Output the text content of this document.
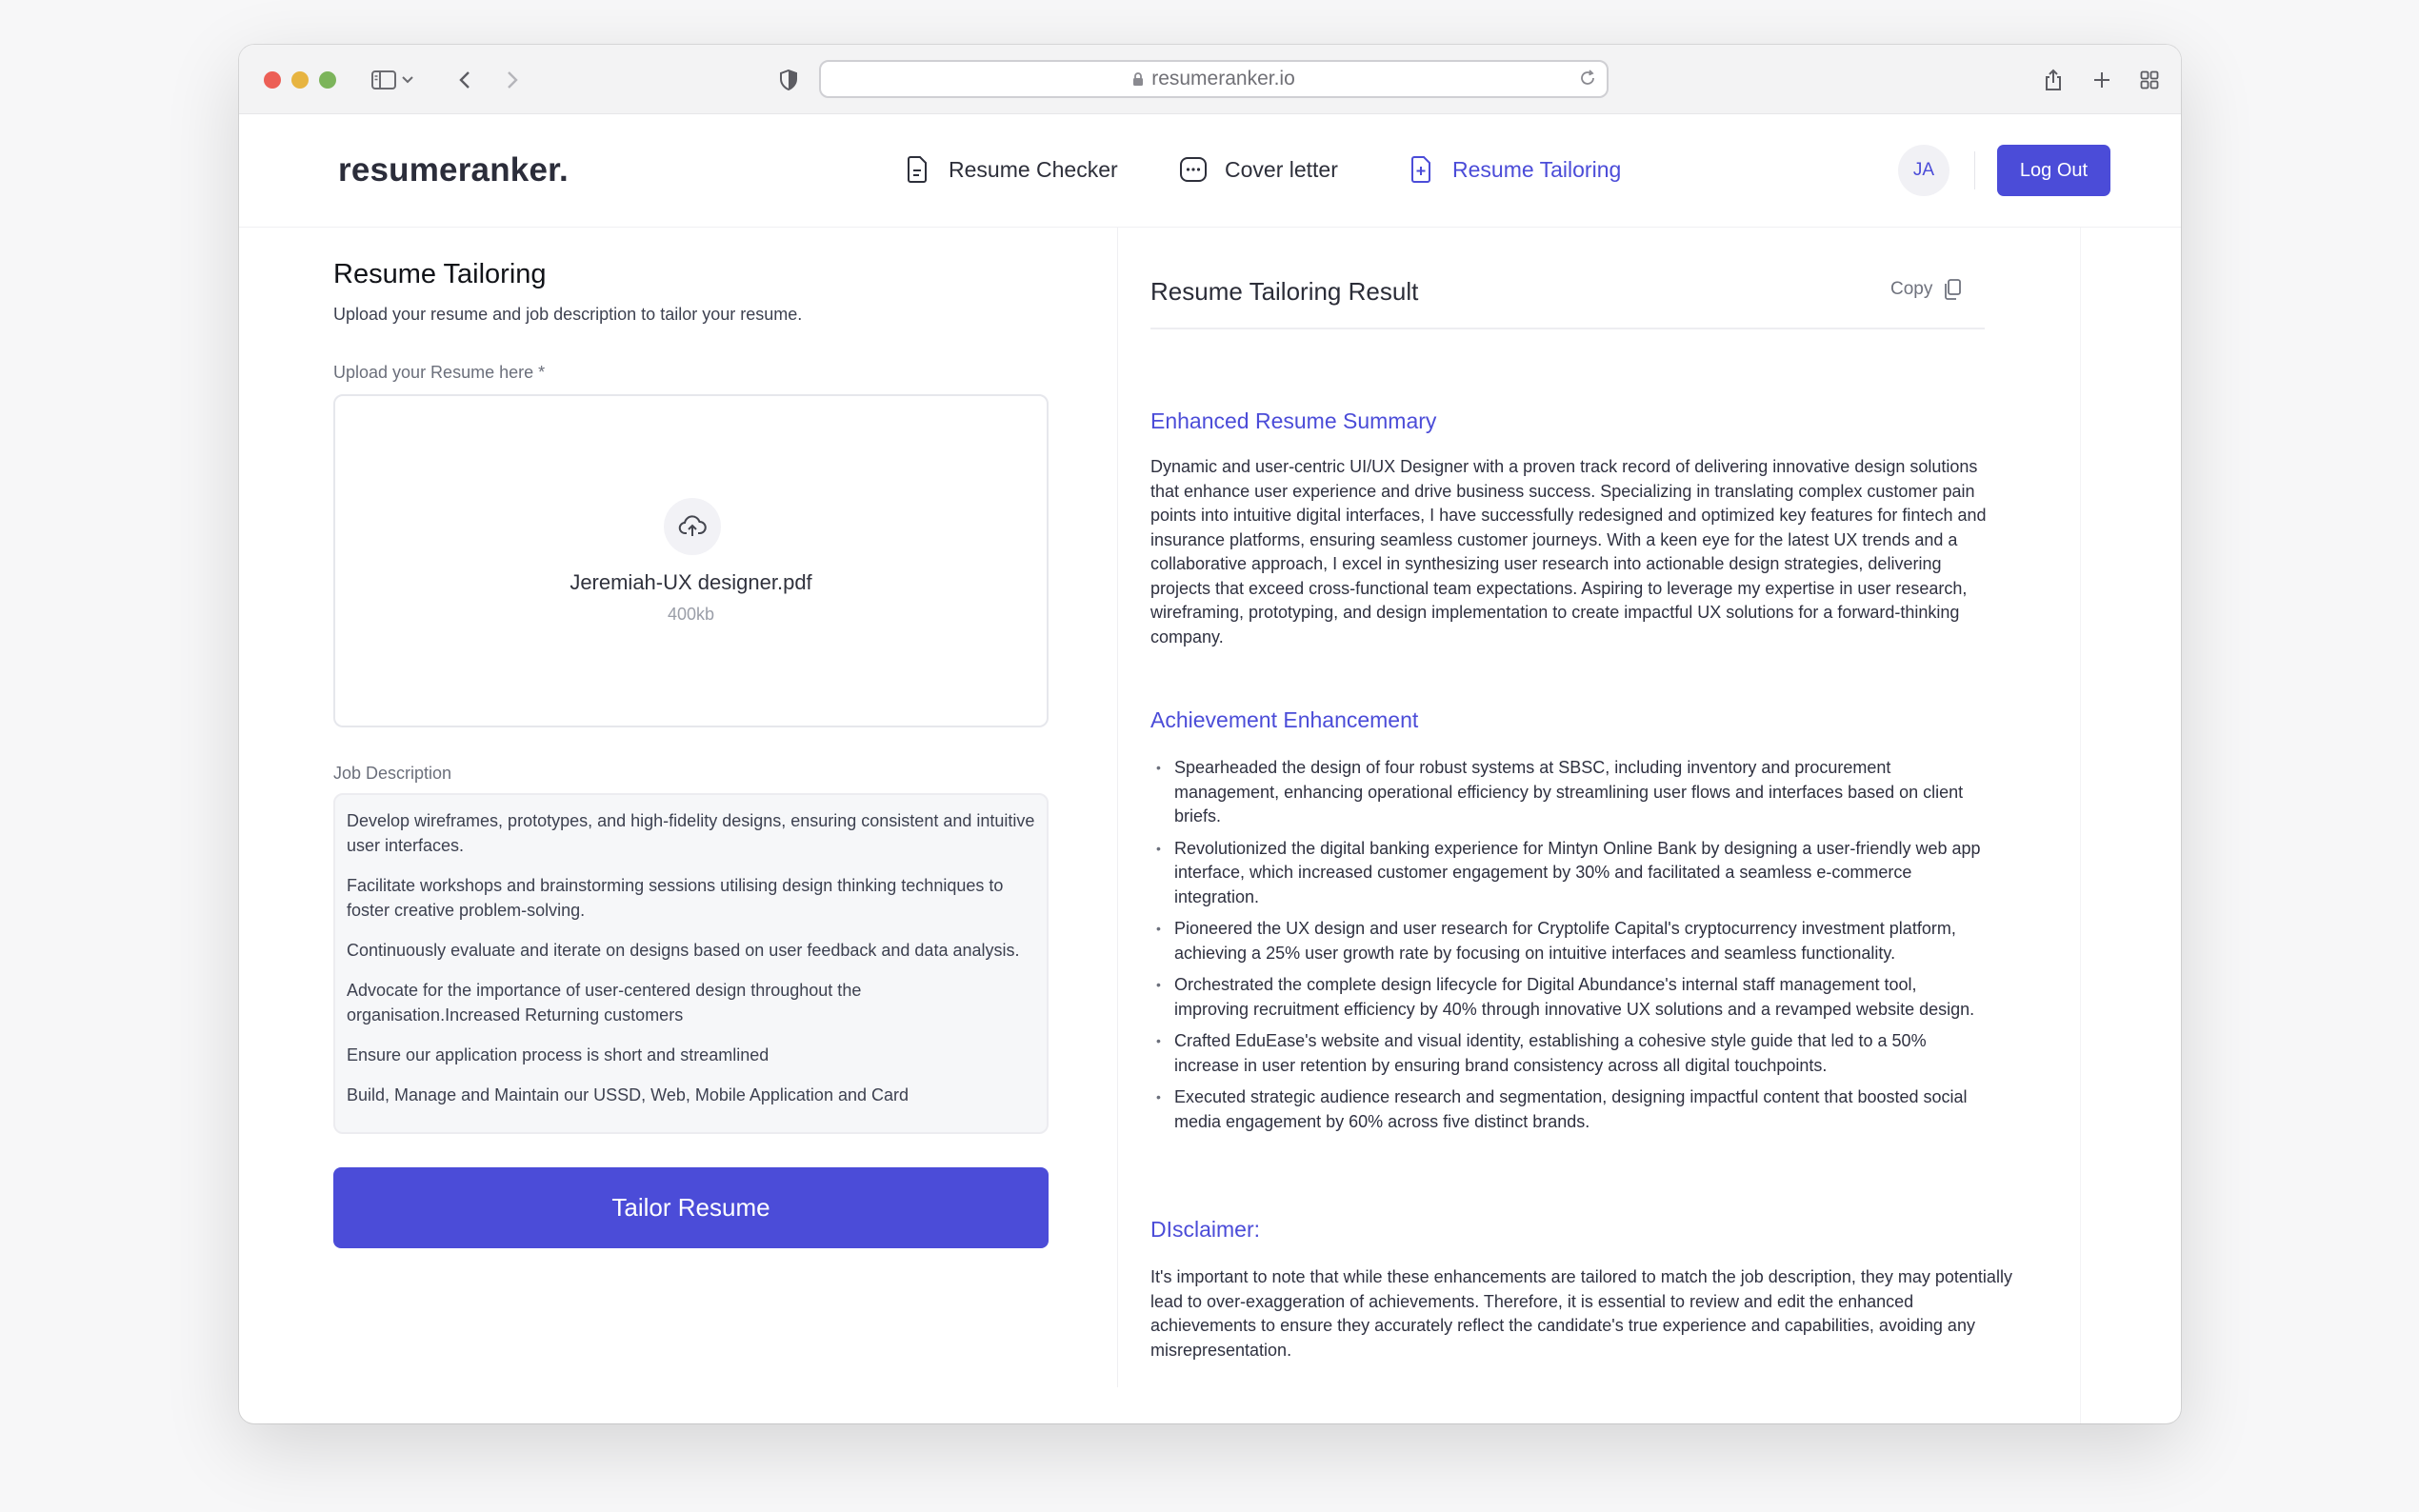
resumeranker.io
resumeranker.	Resume Checker	Cover letter	Resume Tailoring	JA	Log Out
Resume Tailoring
Upload your resume and job description to tailor your resume.
Upload your Resume here *
Jeremiah-UX designer.pdf
400kb
Job Description

Develop wireframes, prototypes, and high-fidelity designs, ensuring consistent and intuitive user interfaces.

Facilitate workshops and brainstorming sessions utilising design thinking techniques to foster creative problem-solving.

Continuously evaluate and iterate on designs based on user feedback and data analysis.

Advocate for the importance of user-centered design throughout the organisation.Increased Returning customers

Ensure our application process is short and streamlined

Build, Manage and Maintain our USSD, Web, Mobile Application and Card

Tailor Resume
Resume Tailoring Result	Copy
Enhanced Resume Summary
Dynamic and user-centric UI/UX Designer with a proven track record of delivering innovative design solutions that enhance user experience and drive business success. Specializing in translating complex customer pain points into intuitive digital interfaces, I have successfully redesigned and optimized key features for fintech and insurance platforms, ensuring seamless customer journeys. With a keen eye for the latest UX trends and a collaborative approach, I excel in synthesizing user research into actionable design strategies, delivering projects that exceed cross-functional team expectations. Aspiring to leverage my expertise in user research, wireframing, prototyping, and design implementation to create impactful UX solutions for a forward-thinking company.
Achievement Enhancement
• Spearheaded the design of four robust systems at SBSC, including inventory and procurement management, enhancing operational efficiency by streamlining user flows and interfaces based on client briefs.
• Revolutionized the digital banking experience for Mintyn Online Bank by designing a user-friendly web app interface, which increased customer engagement by 30% and facilitated a seamless e-commerce integration.
• Pioneered the UX design and user research for Cryptolife Capital's cryptocurrency investment platform, achieving a 25% user growth rate by focusing on intuitive interfaces and seamless functionality.
• Orchestrated the complete design lifecycle for Digital Abundance's internal staff management tool, improving recruitment efficiency by 40% through innovative UX solutions and a revamped website design.
• Crafted EduEase's website and visual identity, establishing a cohesive style guide that led to a 50% increase in user retention by ensuring brand consistency across all digital touchpoints.
• Executed strategic audience research and segmentation, designing impactful content that boosted social media engagement by 60% across five distinct brands.
DIsclaimer:
It's important to note that while these enhancements are tailored to match the job description, they may potentially lead to over-exaggeration of achievements. Therefore, it is essential to review and edit the enhanced achievements to ensure they accurately reflect the candidate's true experience and capabilities, avoiding any misrepresentation.
